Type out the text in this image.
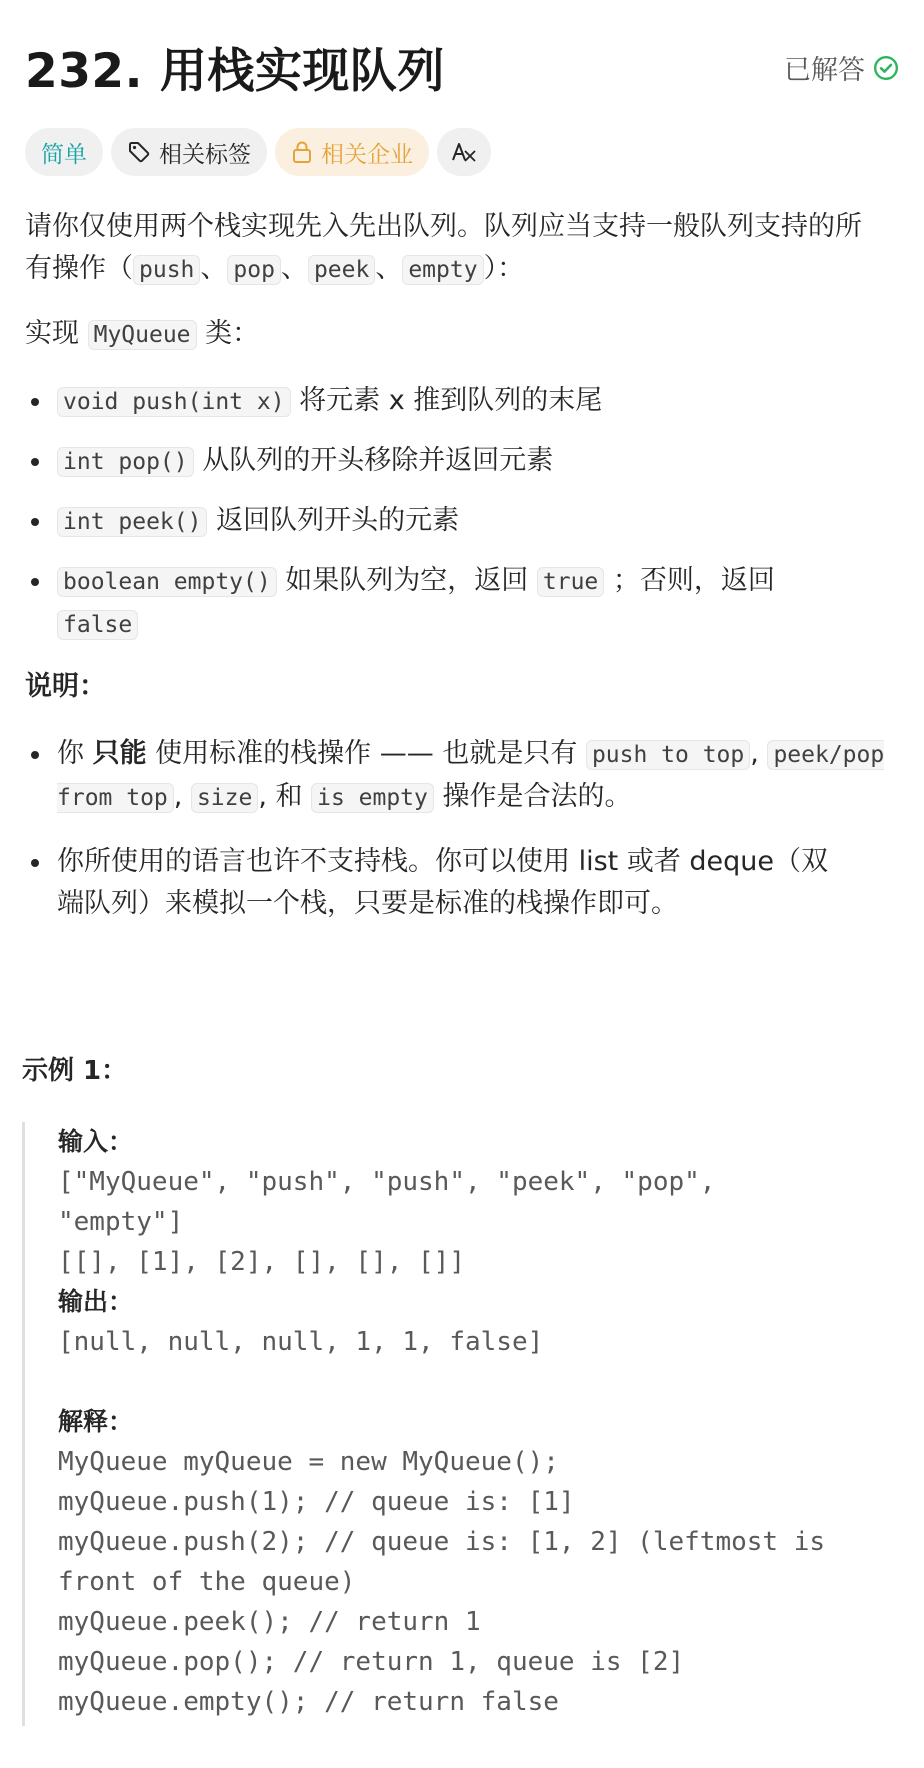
232. 用栈实现队列	已解答
简单	相关标签	相关企业

请你仅使用两个栈实现先入先出队列。队列应当支持一般队列支持的所
有操作（ push 、 pop 、 peek 、 empty ）：

实现 MyQueue 类：

void push(int x) 将元素 x 推到队列的末尾
int pop() 从队列的开头移除并返回元素
int peek() 返回队列开头的元素
boolean empty() 如果队列为空，返回 true ；否则，返回
false

说明：

你 只能 使用标准的栈操作 —— 也就是只有 push to top , peek/pop from top , size , 和 is empty 操作是合法的。
你所使用的语言也许不支持栈。你可以使用 list 或者 deque（双
端队列）来模拟一个栈，只要是标准的栈操作即可。
示例 1：
输入：
["MyQueue", "push", "push", "peek", "pop",
"empty"]
[[], [1], [2], [], [], []]
输出：
[null, null, null, 1, 1, false]
解释：
MyQueue myQueue = new MyQueue();
myQueue.push(1); // queue is: [1]
myQueue.push(2); // queue is: [1, 2] (leftmost is
front of the queue)
myQueue.peek(); // return 1
myQueue.pop(); // return 1, queue is [2]
myQueue.empty(); // return false
